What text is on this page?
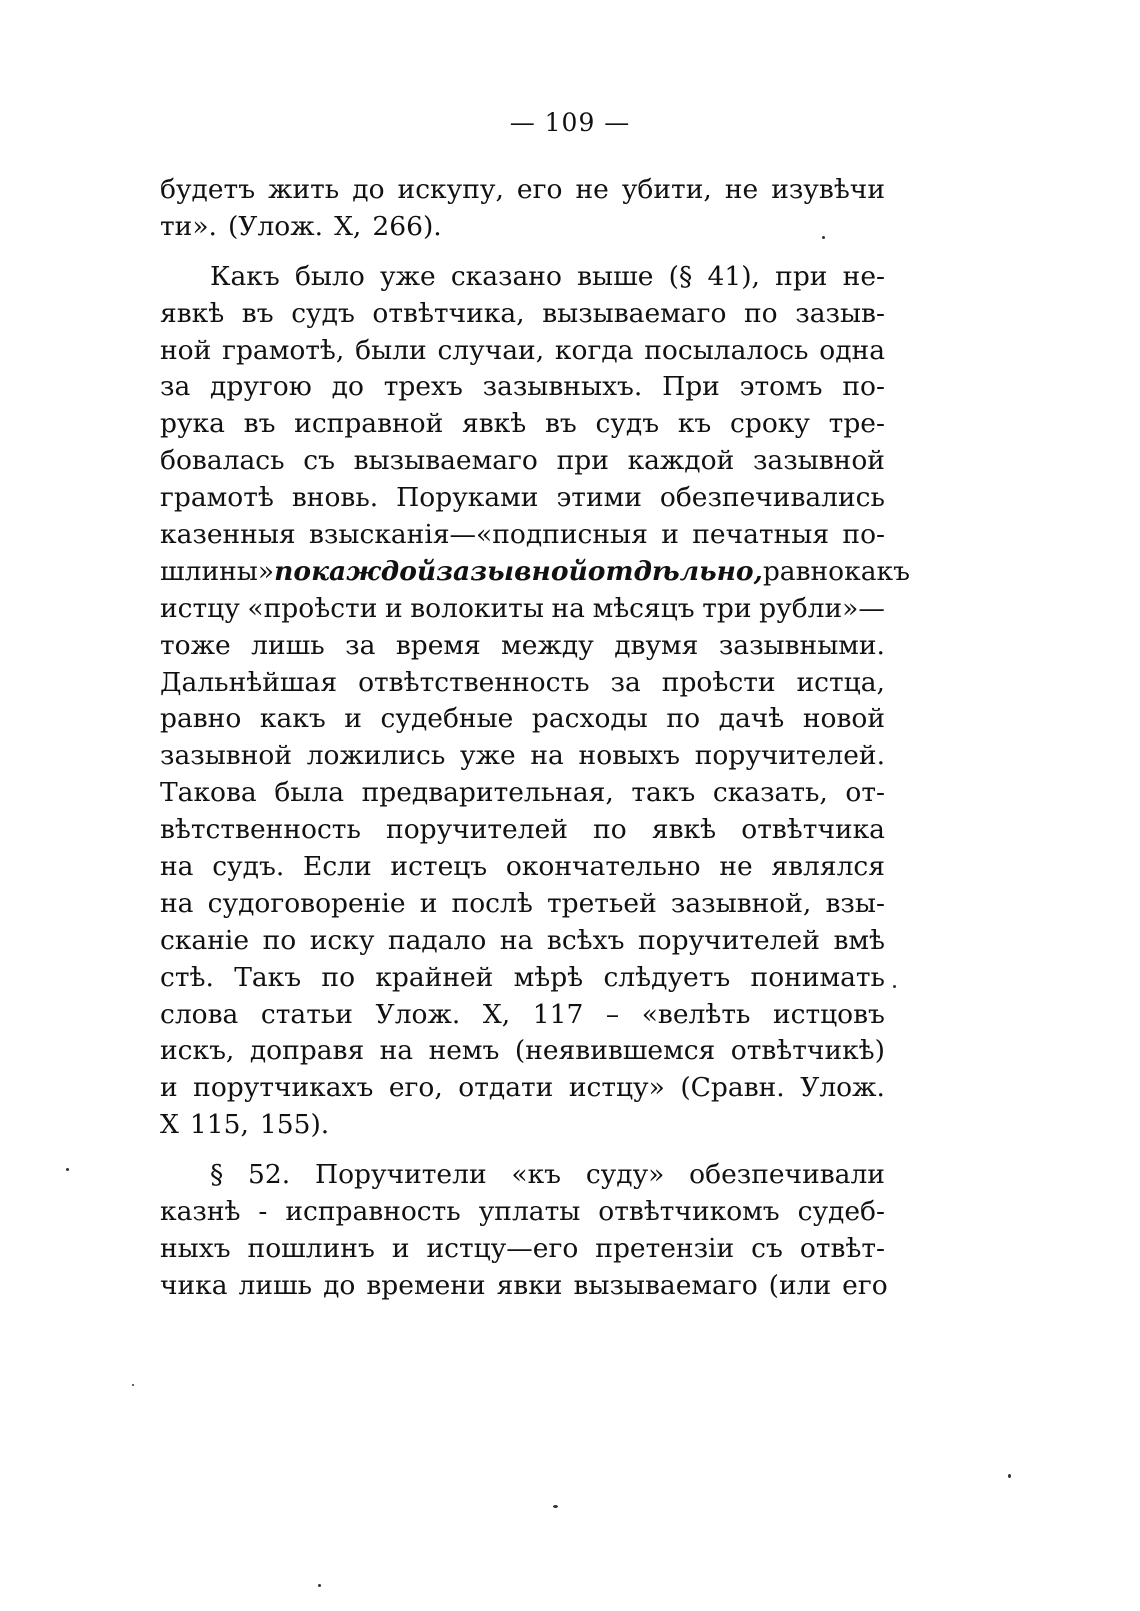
— 109 —
будетъ жить до искупу, его не убити, не изувѣчи
ти». (Улож. X, 266).
Какъ было уже сказано выше (§ 41), при не-
явкѣ въ судъ отвѣтчика, вызываемаго по зазыв-
ной грамотѣ, были случаи, когда посылалось одна
за другою до трехъ зазывныхъ. При этомъ по-
рука въ исправной явкѣ въ судъ къ сроку тре-
бовалась съ вызываемаго при каждой зазывной
грамотѣ вновь. Поруками этими обезпечивались
казенныя взысканія—«подписныя и печатныя по-
шлины» по каждой зазывной отдѣльно, равно какъ
истцу «проѣсти и волокиты на мѣсяцъ три рубли»—
тоже лишь за время между двумя зазывными.
Дальнѣйшая отвѣтственность за проѣсти истца,
равно какъ и судебные расходы по дачѣ новой
зазывной ложились уже на новыхъ поручителей.
Такова была предварительная, такъ сказать, от-
вѣтственность поручителей по явкѣ отвѣтчика
на судъ. Если истецъ окончательно не являлся
на судоговореніе и послѣ третьей зазывной, взы-
сканіе по иску падало на всѣхъ поручителей вмѣ
стѣ. Такъ по крайней мѣрѣ слѣдуетъ понимать
слова статьи Улож. X, 117 – «велѣть истцовъ
искъ, доправя на немъ (неявившемся отвѣтчикѣ)
и порутчикахъ его, отдати истцу» (Сравн. Улож.
X 115, 155).
§ 52. Поручители «къ суду» обезпечивали
казнѣ - исправность уплаты отвѣтчикомъ судеб-
ныхъ пошлинъ и истцу—его претензіи съ отвѣт-
чика лишь до времени явки вызываемаго (или его
